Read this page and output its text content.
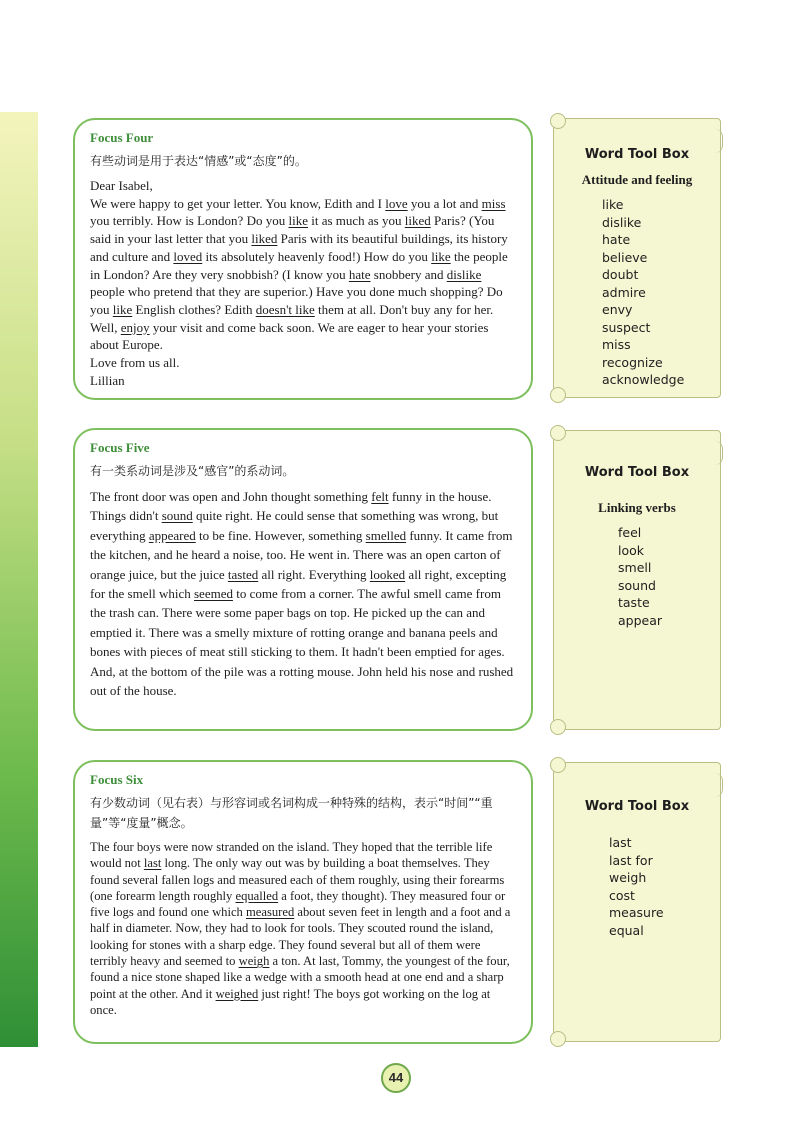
Focus Four
有些动词是用于表达“情感”或“态度”的。

Dear Isabel,

We were happy to get your letter. You know, Edith and I love you a lot and miss you terribly. How is London? Do you like it as much as you liked Paris? (You said in your last letter that you liked Paris with its beautiful buildings, its history and culture and loved its absolutely heavenly food!) How do you like the people in London? Are they very snobbish? (I know you hate snobbery and dislike people who pretend that they are superior.) Have you done much shopping? Do you like English clothes? Edith doesn't like them at all. Don't buy any for her. Well, enjoy your visit and come back soon. We are eager to hear your stories about Europe.

Love from us all.

Lillian

Focus Five
有一类系动词是涉及“感官”的系动词。

The front door was open and John thought something felt funny in the house. Things didn't sound quite right. He could sense that something was wrong, but everything appeared to be fine. However, something smelled funny. It came from the kitchen, and he heard a noise, too. He went in. There was an open carton of orange juice, but the juice tasted all right. Everything looked all right, excepting for the smell which seemed to come from a corner. The awful smell came from the trash can. There were some paper bags on top. He picked up the can and emptied it. There was a smelly mixture of rotting orange and banana peels and bones with pieces of meat still sticking to them. It hadn't been emptied for ages. And, at the bottom of the pile was a rotting mouse. John held his nose and rushed out of the house.

Focus Six
有少数动词（见右表）与形容词或名词构成一种特殊的结构，表示“时间”“重量”等“度量”概念。

The four boys were now stranded on the island. They hoped that the terrible life would not last long. The only way out was by building a boat themselves. They found several fallen logs and measured each of them roughly, using their forearms (one forearm length roughly equalled a foot, they thought). They measured four or five logs and found one which measured about seven feet in length and a foot and a half in diameter. Now, they had to look for tools. They scouted round the island, looking for stones with a sharp edge. They found several but all of them were terribly heavy and seemed to weigh a ton. At last, Tommy, the youngest of the four, found a nice stone shaped like a wedge with a smooth head at one end and a sharp point at the other. And it weighed just right! The boys got working on the log at once.

Word Tool Box
Attitude and feeling
like
dislike
hate
believe
doubt
admire
envy
suspect
miss
recognize
acknowledge
Word Tool Box
Linking verbs
feel
look
smell
sound
taste
appear
Word Tool Box
last
last for
weigh
cost
measure
equal
44
